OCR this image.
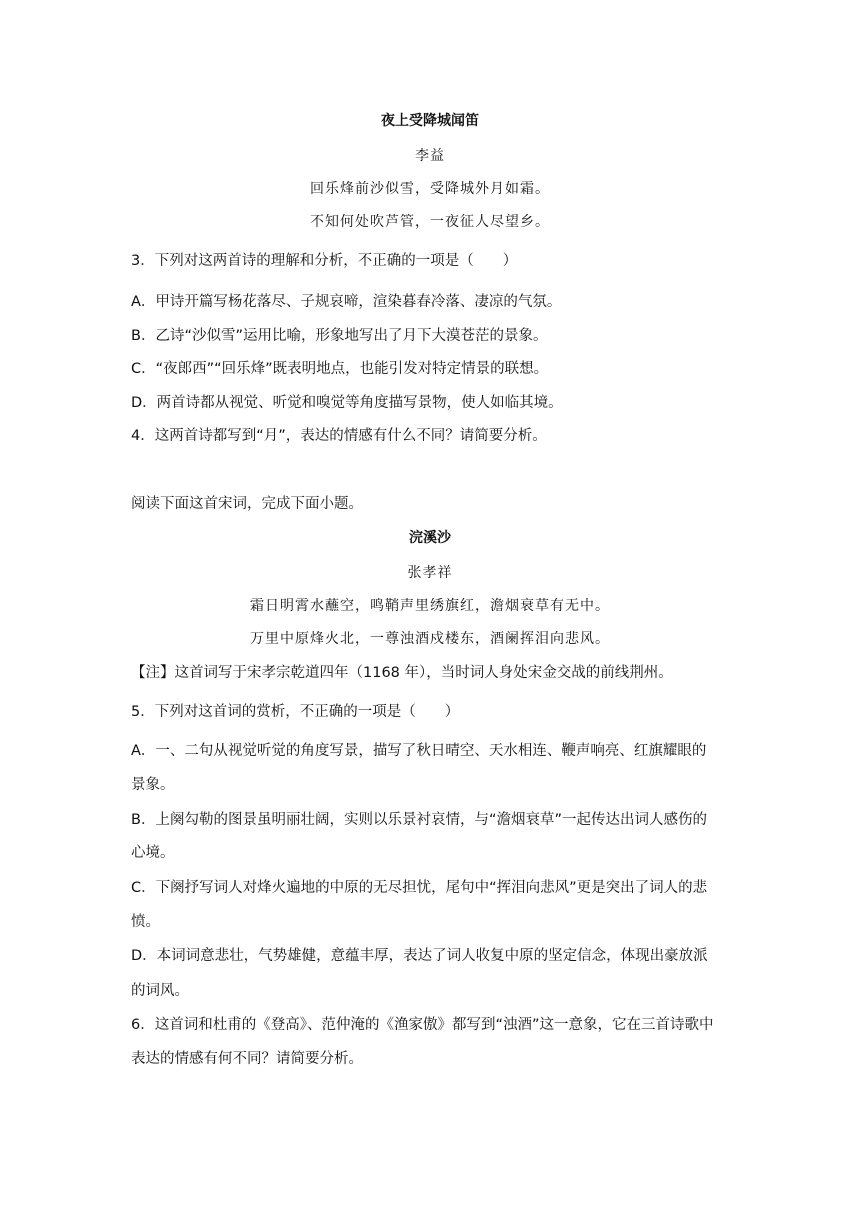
夜上受降城闻笛
李益
回乐烽前沙似雪，受降城外月如霜。
不知何处吹芦管，一夜征人尽望乡。
3．下列对这两首诗的理解和分析，不正确的一项是（　　）
A．甲诗开篇写杨花落尽、子规哀啼，渲染暮春冷落、凄凉的气氛。
B．乙诗“沙似雪”运用比喻，形象地写出了月下大漠苍茫的景象。
C．“夜郎西”“回乐烽”既表明地点，也能引发对特定情景的联想。
D．两首诗都从视觉、听觉和嗅觉等角度描写景物，使人如临其境。
4．这两首诗都写到“月”，表达的情感有什么不同？请简要分析。
阅读下面这首宋词，完成下面小题。
浣溪沙
张孝祥
霜日明霄水蘸空，鸣鞘声里绣旗红，澹烟衰草有无中。
万里中原烽火北，一尊浊酒戍楼东，酒阑挥泪向悲风。
【注】这首词写于宋孝宗乾道四年（1168 年），当时词人身处宋金交战的前线荆州。
5．下列对这首词的赏析，不正确的一项是（　　）
A．一、二句从视觉听觉的角度写景，描写了秋日晴空、天水相连、鞭声响亮、红旗耀眼的
景象。
B．上阕勾勒的图景虽明丽壮阔，实则以乐景衬哀情，与“澹烟衰草”一起传达出词人感伤的
心境。
C．下阕抒写词人对烽火遍地的中原的无尽担忧，尾句中“挥泪向悲风”更是突出了词人的悲
愤。
D．本词词意悲壮，气势雄健，意蕴丰厚，表达了词人收复中原的坚定信念，体现出豪放派
的词风。
6．这首词和杜甫的《登高》、范仲淹的《渔家傲》都写到“浊酒”这一意象，它在三首诗歌中
表达的情感有何不同？请简要分析。
